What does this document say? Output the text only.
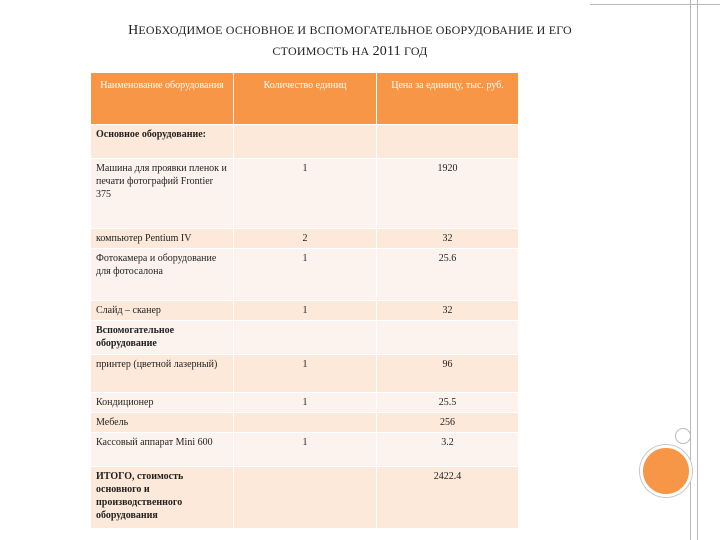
НЕОБХОДИМОЕ ОСНОВНОЕ И ВСПОМОГАТЕЛЬНОЕ ОБОРУДОВАНИЕ И ЕГО
СТОИМОСТЬ НА 2011 ГОД
Наименование оборудования	Количество единиц	Цена за единицу, тыс. руб.
Основное оборудование:		
Машина для проявки пленок и печати фотографий Frontier 375	1	1920
компьютер Pentium IV	2	32
Фотокамера и оборудование для фотосалона	1	25.6
Слайд – сканер	1	32
Вспомогательное оборудование		
принтер (цветной лазерный)	1	96
Кондиционер	1	25.5
Мебель		256
Кассовый аппарат Mini 600	1	3.2
ИТОГО, стоимость основного и производственного оборудования		2422.4
